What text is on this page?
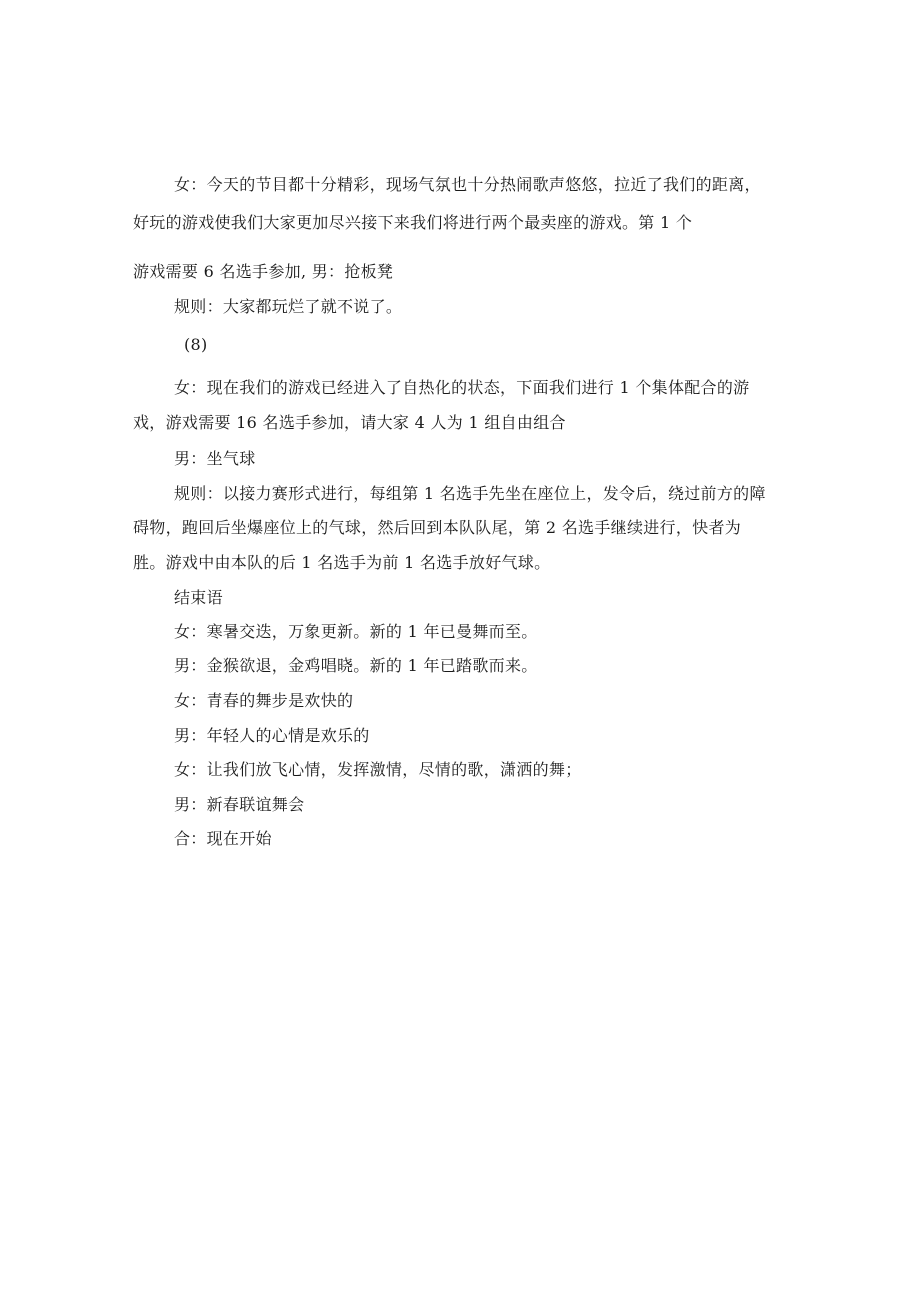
女：今天的节目都十分精彩，现场气氛也十分热闹歌声悠悠，拉近了我们的距离，
好玩的游戏使我们大家更加尽兴接下来我们将进行两个最卖座的游戏。第 1 个
游戏需要 6 名选手参加, 男：抢板凳
规则：大家都玩烂了就不说了。
(8)
女：现在我们的游戏已经进入了自热化的状态，下面我们进行 1 个集体配合的游
戏，游戏需要 16 名选手参加，请大家 4 人为 1 组自由组合
男：坐气球
规则：以接力赛形式进行，每组第 1 名选手先坐在座位上，发令后，绕过前方的障
碍物，跑回后坐爆座位上的气球，然后回到本队队尾，第 2 名选手继续进行，快者为
胜。游戏中由本队的后 1 名选手为前 1 名选手放好气球。
结束语
女：寒暑交迭，万象更新。新的 1 年已曼舞而至。
男：金猴欲退，金鸡唱晓。新的 1 年已踏歌而来。
女：青春的舞步是欢快的
男：年轻人的心情是欢乐的
女：让我们放飞心情，发挥激情，尽情的歌，潇洒的舞；
男：新春联谊舞会
合：现在开始
